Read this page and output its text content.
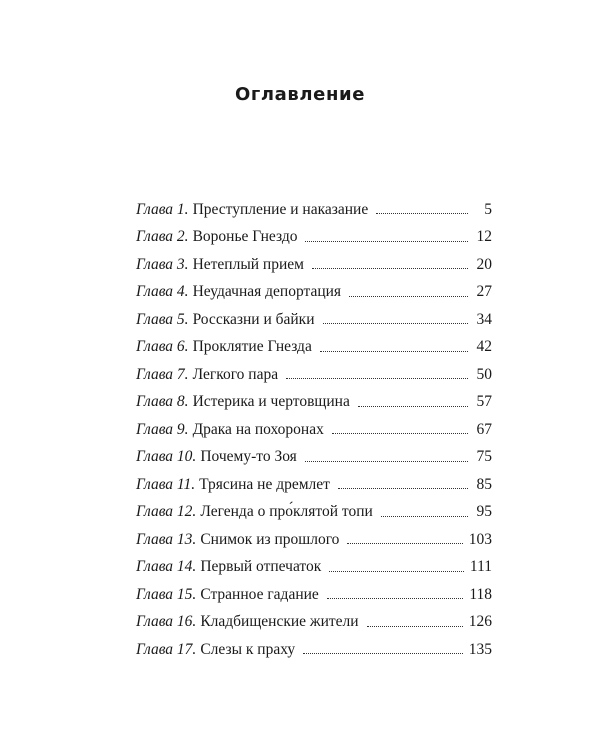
Оглавление
Глава 1. Преступление и наказание	5
Глава 2. Воронье Гнездо	12
Глава 3. Нетеплый прием	20
Глава 4. Неудачная депортация	27
Глава 5. Россказни и байки	34
Глава 6. Проклятие Гнезда	42
Глава 7. Легкого пара	50
Глава 8. Истерика и чертовщина	57
Глава 9. Драка на похоронах	67
Глава 10. Почему-то Зоя	75
Глава 11. Трясина не дремлет	85
Глава 12. Легенда о про́клятой топи	95
Глава 13. Снимок из прошлого	103
Глава 14. Первый отпечаток	111
Глава 15. Странное гадание	118
Глава 16. Кладбищенские жители	126
Глава 17. Слезы к праху	135
